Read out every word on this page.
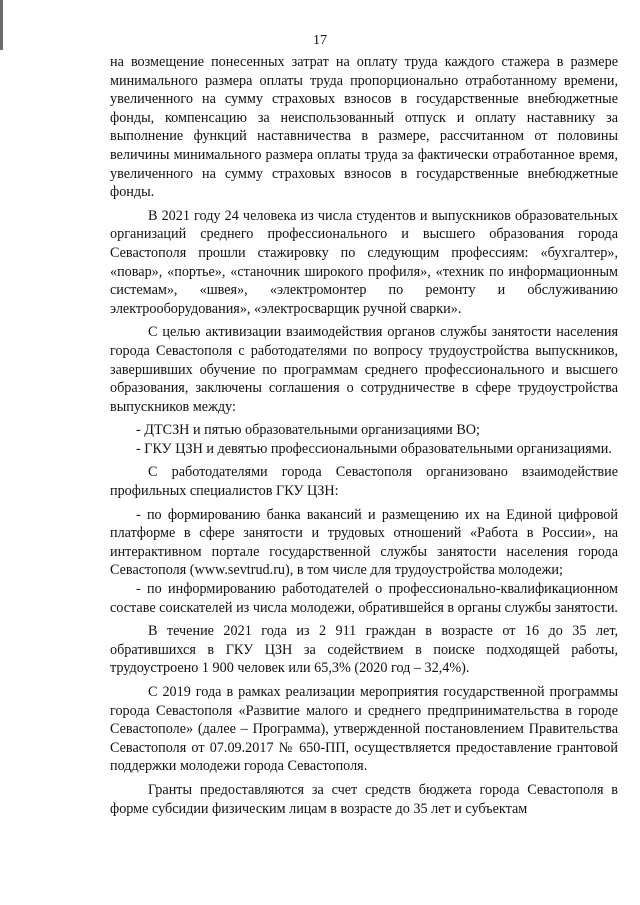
17

на возмещение понесенных затрат на оплату труда каждого стажера в размере минимального размера оплаты труда пропорционально отработанному времени, увеличенного на сумму страховых взносов в государственные внебюджетные фонды, компенсацию за неиспользованный отпуск и оплату наставнику за выполнение функций наставничества в размере, рассчитанном от половины величины минимального размера оплаты труда за фактически отработанное время, увеличенного на сумму страховых взносов в государственные внебюджетные фонды.

В 2021 году 24 человека из числа студентов и выпускников образовательных организаций среднего профессионального и высшего образования города Севастополя прошли стажировку по следующим профессиям: «бухгалтер», «повар», «портье», «станочник широкого профиля», «техник по информационным системам», «швея», «электромонтер по ремонту и обслуживанию электрооборудования», «электросварщик ручной сварки».

С целью активизации взаимодействия органов службы занятости населения города Севастополя с работодателями по вопросу трудоустройства выпускников, завершивших обучение по программам среднего профессионального и высшего образования, заключены соглашения о сотрудничестве в сфере трудоустройства выпускников между:

- ДТСЗН и пятью образовательными организациями ВО;

- ГКУ ЦЗН и девятью профессиональными образовательными организациями.

С работодателями города Севастополя организовано взаимодействие профильных специалистов ГКУ ЦЗН:

- по формированию банка вакансий и размещению их на Единой цифровой платформе в сфере занятости и трудовых отношений «Работа в России», на интерактивном портале государственной службы занятости населения города Севастополя (www.sevtrud.ru), в том числе для трудоустройства молодежи;

- по информированию работодателей о профессионально-квалификационном составе соискателей из числа молодежи, обратившейся в органы службы занятости.

В течение 2021 года из 2 911 граждан в возрасте от 16 до 35 лет, обратившихся в ГКУ ЦЗН за содействием в поиске подходящей работы, трудоустроено 1 900 человек или 65,3% (2020 год – 32,4%).

С 2019 года в рамках реализации мероприятия государственной программы города Севастополя «Развитие малого и среднего предпринимательства в городе Севастополе» (далее – Программа), утвержденной постановлением Правительства Севастополя от 07.09.2017 № 650-ПП, осуществляется предоставление грантовой поддержки молодежи города Севастополя.

Гранты предоставляются за счет средств бюджета города Севастополя в форме субсидии физическим лицам в возрасте до 35 лет и субъектам
